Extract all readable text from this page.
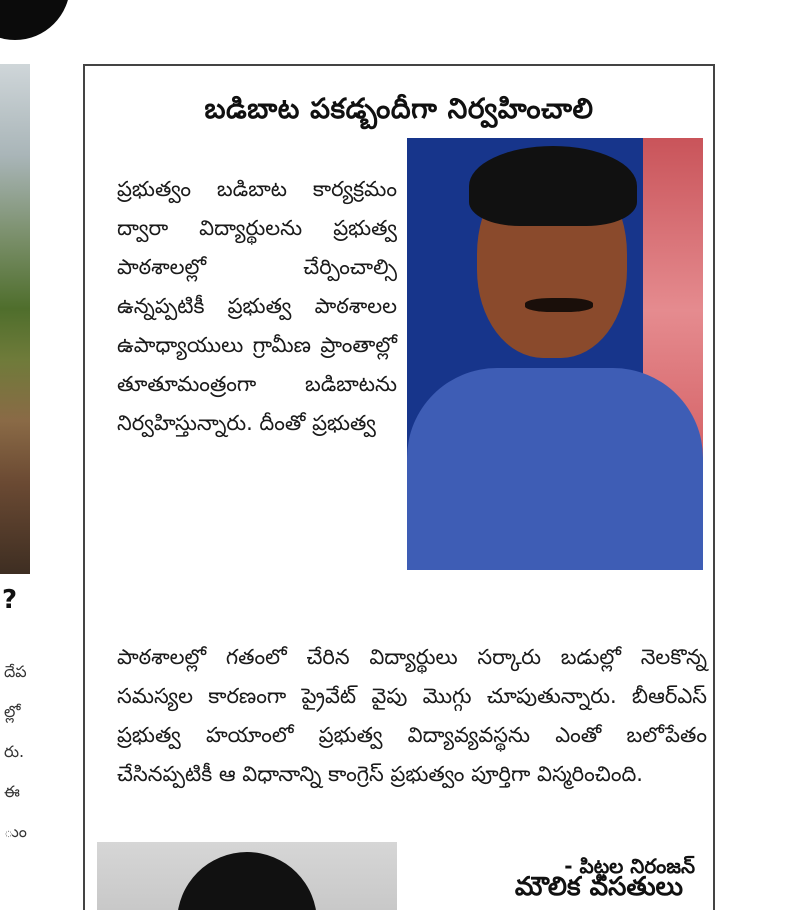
?
దేప
ల్లో
రు.
ఈ
ుం
బడిబాట పకడ్బందీగా నిర్వహించాలి
ప్రభుత్వం బడిబాట కార్యక్రమం ద్వారా విద్యార్థులను ప్రభుత్వ పాఠశాలల్లో చేర్పించాల్సి ఉన్నప్పటికీ ప్రభుత్వ పాఠశాలల ఉపాధ్యాయులు గ్రామీణ ప్రాంతాల్లో తూతూమంత్రంగా బడిబాటను నిర్వహిస్తున్నారు. దీంతో ప్రభుత్వ
పాఠశాలల్లో గతంలో చేరిన విద్యార్థులు సర్కారు బడుల్లో నెలకొన్న సమస్యల కారణంగా ప్రైవేట్ వైపు మొగ్గు చూపుతున్నారు. బీఆర్ఎస్ ప్రభుత్వ హయాంలో ప్రభుత్వ విద్యావ్యవస్థను ఎంతో బలోపేతం చేసినప్పటికీ ఆ విధానాన్ని కాంగ్రెస్ ప్రభుత్వం పూర్తిగా విస్మరించింది.
- పిట్టల నిరంజన్
మౌలిక వసతులు
